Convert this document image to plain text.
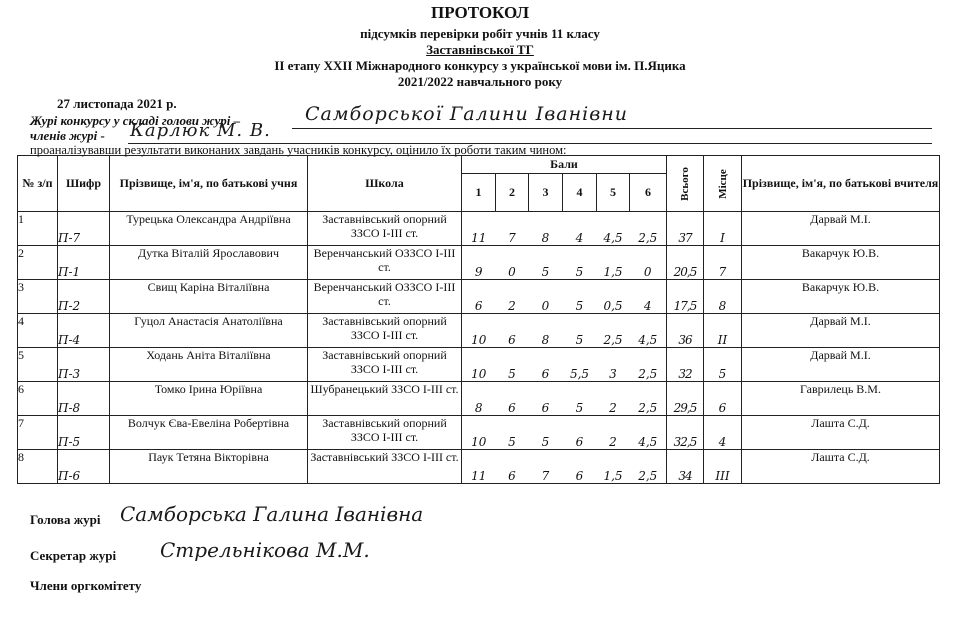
ПРОТОКОЛ
підсумків перевірки робіт учнів 11 класу
Заставнівської ТГ
ІІ етапу ХХІІ Міжнародного конкурсу з української мови ім. П.Яцика
2021/2022 навчального року
27 листопада 2021 р.
Журі конкурсу у складі голови журі –	Самборської Галини Іванівни
членів журі - Карлюк М. В.
проаналізувавши результати виконаних завдань учасників конкурсу, оцінило їх роботи таким чином:
№ з/п	Шифр	Прізвище, ім'я, по батькові учня	Школа	Бали						Всього	Місце	Прізвище, ім'я, по батькові вчителя
				1	2	3	4	5	6			
1	П-7	Турецька Олександра Андріївна	Заставнівський опорний ЗЗСО І-ІІІ ст.	11	7	8	4	4,5	2,5	37	I	Дарвай М.І.
2	П-1	Дутка Віталій Ярославович	Веренчанський ОЗЗСО І-ІІІ ст.	9	0	5	5	1,5	0	20,5	7	Вакарчук Ю.В.
3	П-2	Свищ Каріна Віталіївна	Веренчанський ОЗЗСО І-ІІІ ст.	6	2	0	5	0,5	4	17,5	8	Вакарчук Ю.В.
4	П-4	Гуцол Анастасія Анатоліївна	Заставнівський опорний ЗЗСО І-ІІІ ст.	10	6	8	5	2,5	4,5	36	II	Дарвай М.І.
5	П-3	Ходань Аніта Віталіївна	Заставнівський опорний ЗЗСО І-ІІІ ст.	10	5	6	5,5	3	2,5	32	5	Дарвай М.І.
6	П-8	Томко Ірина Юріївна	Шубранецький ЗЗСО І-ІІІ ст.	8	6	6	5	2	2,5	29,5	6	Гаврилець В.М.
7	П-5	Волчук Єва-Евеліна Робертівна	Заставнівський опорний ЗЗСО І-ІІІ ст.	10	5	5	6	2	4,5	32,5	4	Лашта С.Д.
8	П-6	Паук Тетяна Вікторівна	Заставнівський ЗЗСО І-ІІІ ст.	11	6	7	6	1,5	2,5	34	III	Лашта С.Д.
Голова журі Самборська Галина Іванівна
Секретар журі Стрельнікова М.М.
Члени оргкомітету
